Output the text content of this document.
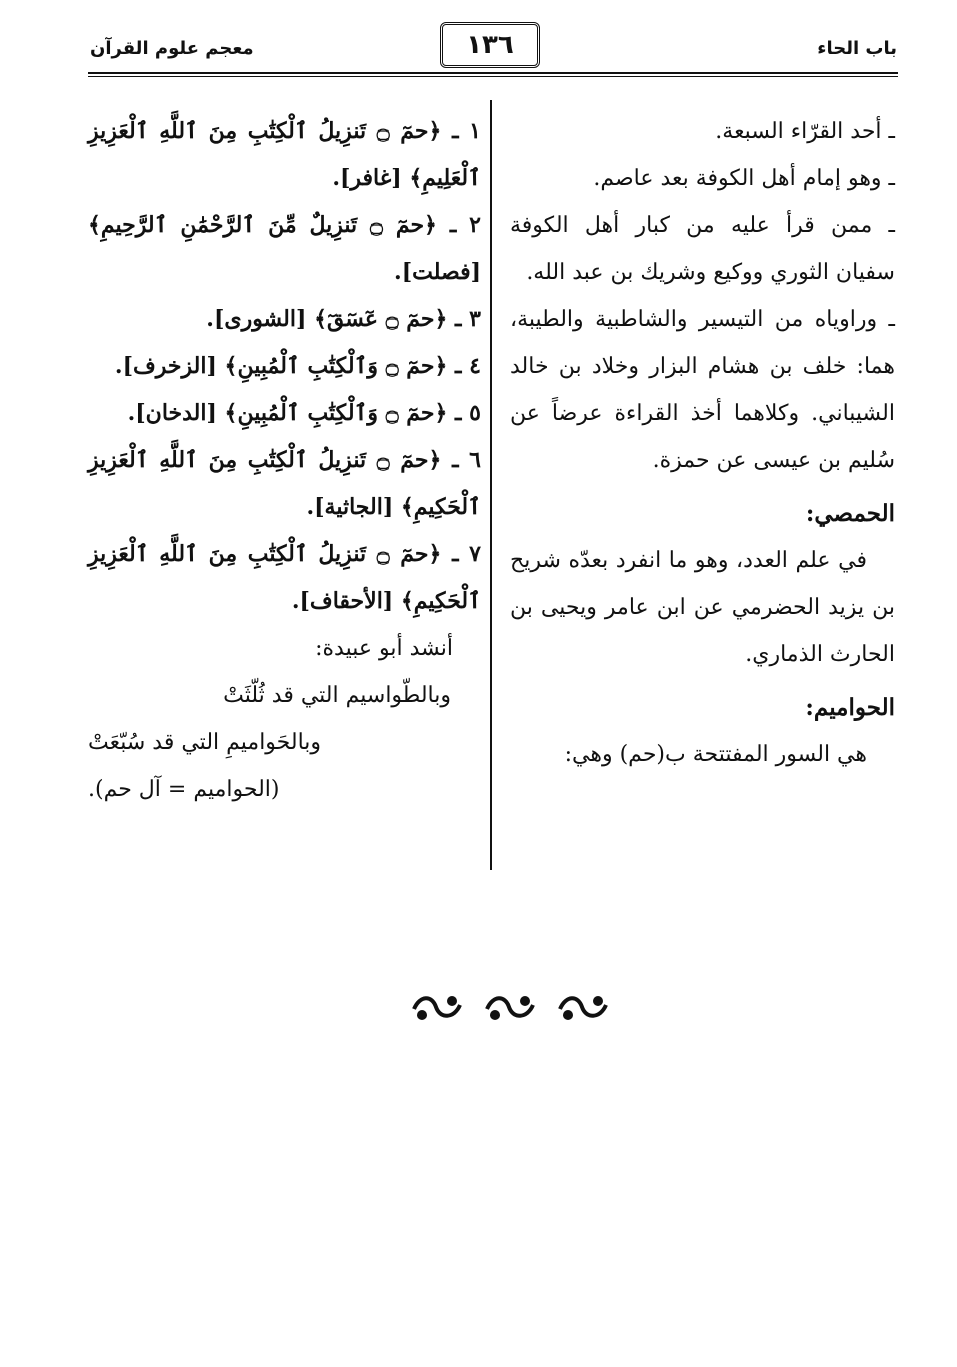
معجم علوم القرآن	١٣٦	باب الحاء

ـ أحد القرّاء السبعة.

ـ وهو إمام أهل الكوفة بعد عاصم.

ـ ممن قرأ عليه من كبار أهل الكوفة سفيان الثوري ووكيع وشريك بن عبد الله.

ـ وراوياه من التيسير والشاطبية والطيبة، هما: خلف بن هشام البزار وخلاد بن خالد الشيباني. وكلاهما أخذ القراءة عرضاً عن سُليم بن عيسى عن حمزة.

الحمصي:

في علم العدد، وهو ما انفرد بعدّه شريح بن يزيد الحضرمي عن ابن عامر ويحيى بن الحارث الذماري.

الحواميم:

هي السور المفتتحة ب(حم) وهي:

١ ـ ﴿حمٓ ۝ تَنزِيلُ ٱلْكِتَٰبِ مِنَ ٱللَّهِ ٱلْعَزِيزِ ٱلْعَلِيمِ﴾ [غافر].

٢ ـ ﴿حمٓ ۝ تَنزِيلٌ مِّنَ ٱلرَّحْمَٰنِ ٱلرَّحِيمِ﴾ [فصلت].

٣ ـ ﴿حمٓ ۝ عٓسٓقٓ﴾ [الشورى].

٤ ـ ﴿حمٓ ۝ وَٱلْكِتَٰبِ ٱلْمُبِينِ﴾ [الزخرف].

٥ ـ ﴿حمٓ ۝ وَٱلْكِتَٰبِ ٱلْمُبِينِ﴾ [الدخان].

٦ ـ ﴿حمٓ ۝ تَنزِيلُ ٱلْكِتَٰبِ مِنَ ٱللَّهِ ٱلْعَزِيزِ ٱلْحَكِيمِ﴾ [الجاثية].

٧ ـ ﴿حمٓ ۝ تَنزِيلُ ٱلْكِتَٰبِ مِنَ ٱللَّهِ ٱلْعَزِيزِ ٱلْحَكِيمِ﴾ [الأحقاف].

أنشد أبو عبيدة:

وبالطّواسيم التي قد ثُلّثَتْ

وبالحَواميمِ التي قد سُبّعَتْ

(الحواميم = آل حم).
